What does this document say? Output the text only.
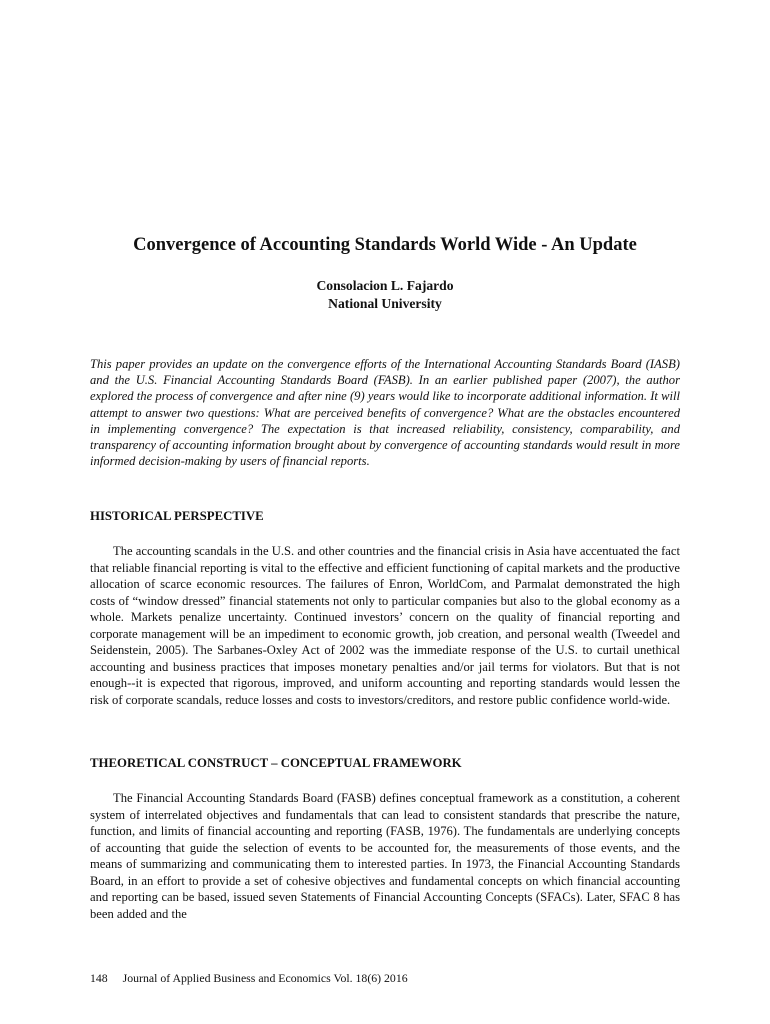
Convergence of Accounting Standards World Wide - An Update
Consolacion L. Fajardo
National University

This paper provides an update on the convergence efforts of the International Accounting Standards Board (IASB) and the U.S. Financial Accounting Standards Board (FASB). In an earlier published paper (2007), the author explored the process of convergence and after nine (9) years would like to incorporate additional information. It will attempt to answer two questions: What are perceived benefits of convergence? What are the obstacles encountered in implementing convergence? The expectation is that increased reliability, consistency, comparability, and transparency of accounting information brought about by convergence of accounting standards would result in more informed decision-making by users of financial reports.

HISTORICAL PERSPECTIVE

The accounting scandals in the U.S. and other countries and the financial crisis in Asia have accentuated the fact that reliable financial reporting is vital to the effective and efficient functioning of capital markets and the productive allocation of scarce economic resources. The failures of Enron, WorldCom, and Parmalat demonstrated the high costs of “window dressed” financial statements not only to particular companies but also to the global economy as a whole. Markets penalize uncertainty. Continued investors’ concern on the quality of financial reporting and corporate management will be an impediment to economic growth, job creation, and personal wealth (Tweedel and Seidenstein, 2005). The Sarbanes-Oxley Act of 2002 was the immediate response of the U.S. to curtail unethical accounting and business practices that imposes monetary penalties and/or jail terms for violators. But that is not enough--it is expected that rigorous, improved, and uniform accounting and reporting standards would lessen the risk of corporate scandals, reduce losses and costs to investors/creditors, and restore public confidence world-wide.

THEORETICAL CONSTRUCT – CONCEPTUAL FRAMEWORK

The Financial Accounting Standards Board (FASB) defines conceptual framework as a constitution, a coherent system of interrelated objectives and fundamentals that can lead to consistent standards that prescribe the nature, function, and limits of financial accounting and reporting (FASB, 1976). The fundamentals are underlying concepts of accounting that guide the selection of events to be accounted for, the measurements of those events, and the means of summarizing and communicating them to interested parties. In 1973, the Financial Accounting Standards Board, in an effort to provide a set of cohesive objectives and fundamental concepts on which financial accounting and reporting can be based, issued seven Statements of Financial Accounting Concepts (SFACs). Later, SFAC 8 has been added and the

148 Journal of Applied Business and Economics Vol. 18(6) 2016
